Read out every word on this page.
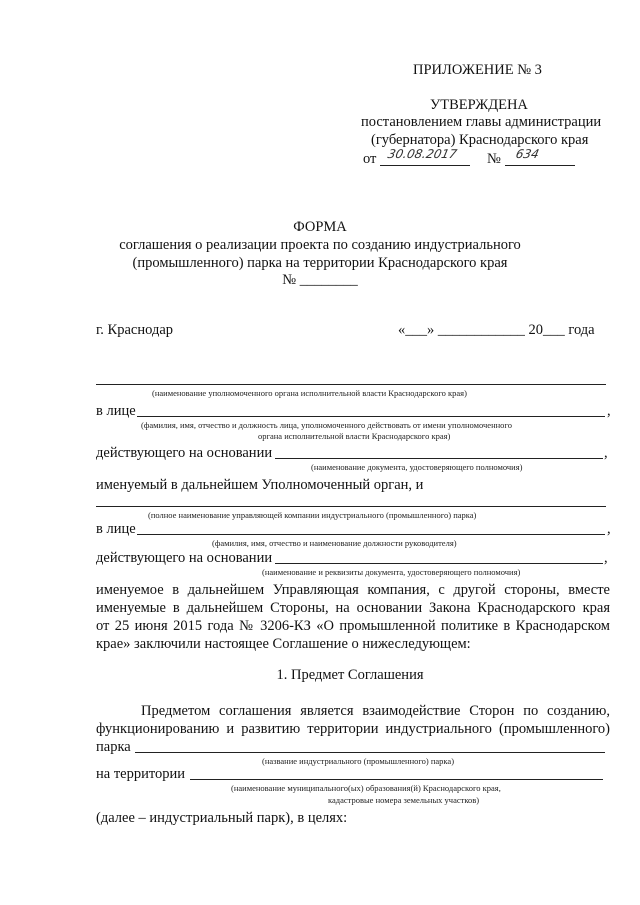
ПРИЛОЖЕНИЕ № 3
УТВЕРЖДЕНА
постановлением главы администрации
(губернатора) Краснодарского края
от 30.08.2017 № 634
ФОРМА
соглашения о реализации проекта по созданию индустриального
(промышленного) парка на территории Краснодарского края
№ ________
г. Краснодар	«___» ____________ 20___ года
(наименование уполномоченного органа исполнительной власти Краснодарского края)
в лице	,
(фамилия, имя, отчество и должность лица, уполномоченного действовать от имени уполномоченного
органа исполнительной власти Краснодарского края)
действующего на основании	,
(наименование документа, удостоверяющего полномочия)
именуемый в дальнейшем Уполномоченный орган, и
(полное наименование управляющей компании индустриального (промышленного) парка)
в лице	,
(фамилия, имя, отчество и наименование должности руководителя)
действующего на основании	,
(наименование и реквизиты документа, удостоверяющего полномочия)
именуемое в дальнейшем Управляющая компания, с другой стороны, вместе
именуемые в дальнейшем Стороны, на основании Закона Краснодарского края
от 25 июня 2015 года № 3206-КЗ «О промышленной политике в Краснодарском
крае» заключили настоящее Соглашение о нижеследующем:
1. Предмет Соглашения
Предметом соглашения является взаимодействие Сторон по созданию,
функционированию и развитию территории индустриального (промышленного)
парка
(название индустриального (промышленного) парка)
на территории
(наименование муниципального(ых) образования(й) Краснодарского края,
кадастровые номера земельных участков)
(далее – индустриальный парк), в целях:
